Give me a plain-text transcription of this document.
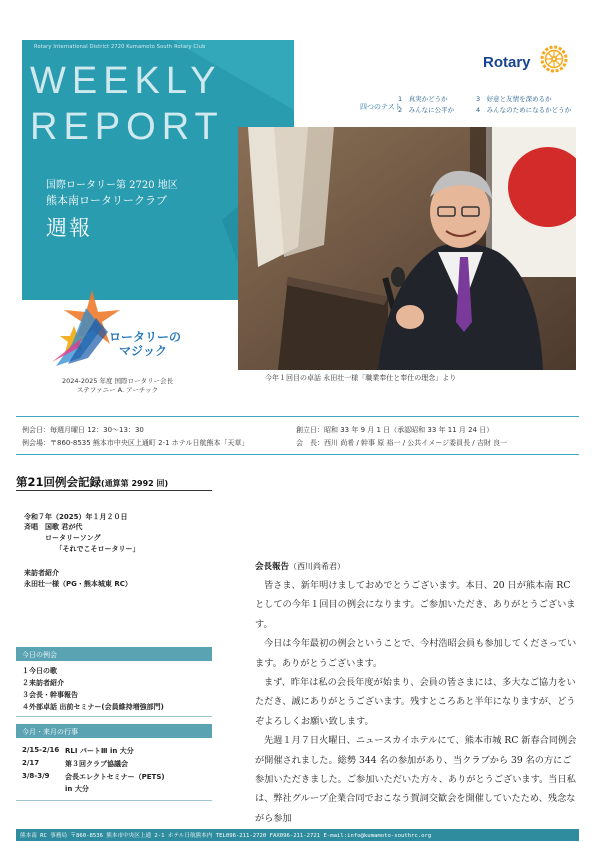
Rotary International District 2720 Kumamoto South Rotary Club
WEEKLY
REPORT
国際ロータリー第 2720 地区
熊本南ロータリークラブ
週報
Rotary
四つのテスト
1　真実かどうか	3　好意と友情を深めるか
2　みんなに公平か	4　みんなのためになるかどうか
今年１回目の卓話 永田壮一様「職業奉仕と奉仕の理念」より
ロータリーの
マジック
2024-2025 年度 国際ロータリー会長
ステファニー A. アーチック
例会日：毎週月曜日 12：30〜13：30	創立日：昭和 33 年 9 月 1 日（承認昭和 33 年 11 月 24 日）
例会場：〒860-8535 熊本市中央区上通町 2-1 ホテル日航熊本「天草」	会　長：西川 尚希 / 幹事 原 裕一 / 公共イメージ委員長 / 吉財 良一
第21回例会記録(通算第 2992 回)
令和７年（2025）年１月２０日
斉唱　国歌 君が代
　　　ロータリーソング
　　　　　「それでこそロータリー」
来訪者紹介
永田壮一様（PG・熊本城東 RC）
今日の例会
１今日の歌
２来訪者紹介
３会長・幹事報告
４外部卓話 出前セミナー(会員維持増強部門)
今月・来月の行事
2/15-2/16 RLI パートⅢ in 大分
2/17	第３回クラブ協議会
3/8-3/9 会長エレクトセミナー（PETS)
in 大分
会長報告（西川尚希君）

皆さま、新年明けましておめでとうございます。本日、20 日が熊本南 RC としての今年１回目の例会になります。ご参加いただき、ありがとうございます。

今日は今年最初の例会ということで、今村浩昭会員も参加してくださっています。ありがとうございます。

まず、昨年は私の会長年度が始まり、会員の皆さまには、多大なご協力をいただき、誠にありがとうございます。残すところあと半年になりますが、どうぞよろしくお願い致します。

先週１月７日火曜日、ニュースカイホテルにて、熊本市城 RC 新春合同例会が開催されました。総勢 344 名の参加があり、当クラブから 39 名の方にご参加いただきました。ご参加いただいた方々、ありがとうございます。当日私は、弊社グループ企業合同でおこなう賀詞交歓会を開催していたため、残念ながら参加

熊本南 RC 事務局 〒860-8536 熊本市中央区上通 2-1 ホテル日航熊本内 TEL096-211-2720 FAX096-211-2721 E-mail:info@kumamoto-southrc.org
